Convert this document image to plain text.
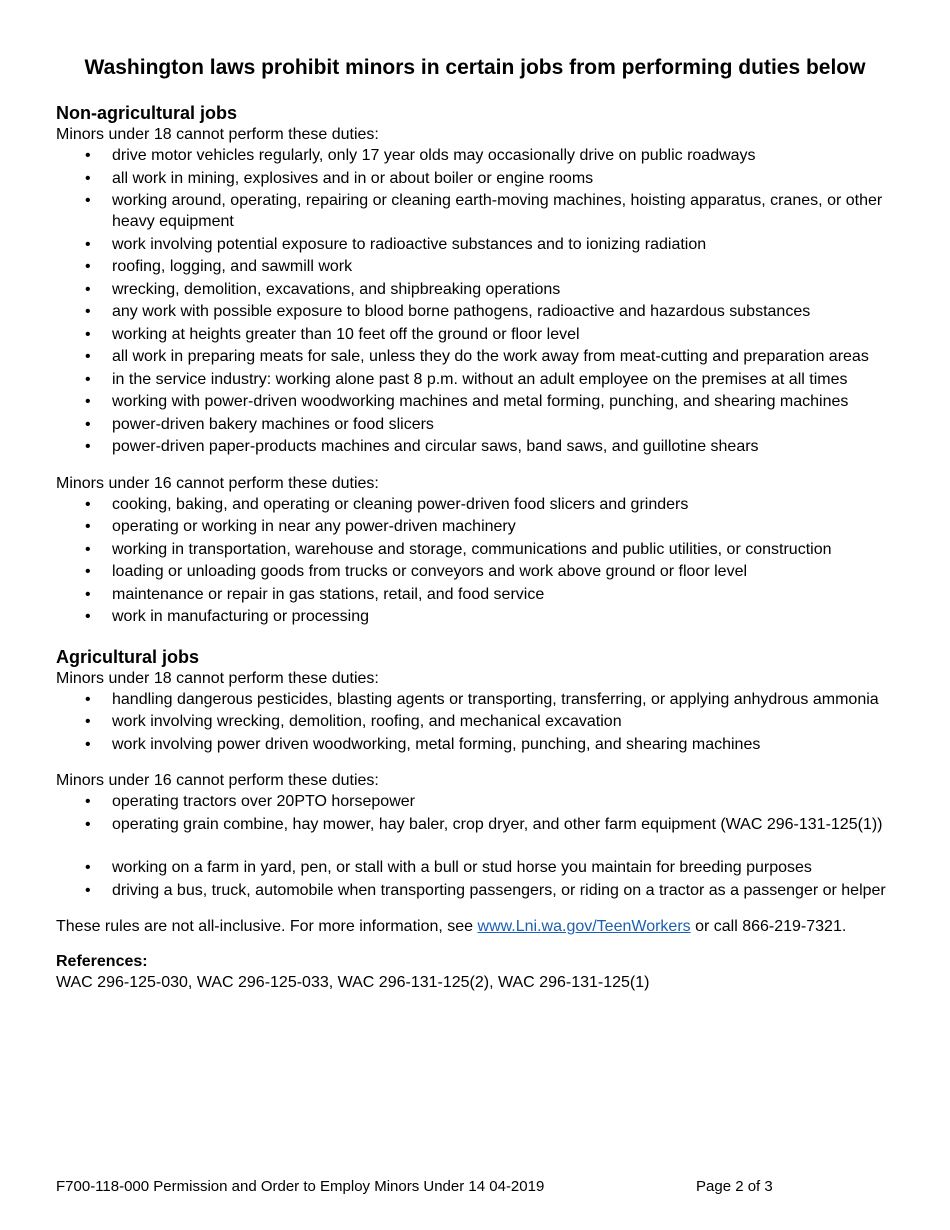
Washington laws prohibit minors in certain jobs from performing duties below
Non-agricultural jobs

Minors under 18 cannot perform these duties:

• drive motor vehicles regularly, only 17 year olds may occasionally drive on public roadways
• all work in mining, explosives and in or about boiler or engine rooms
• working around, operating, repairing or cleaning earth-moving machines, hoisting apparatus, cranes, or other heavy equipment
• work involving potential exposure to radioactive substances and to ionizing radiation
• roofing, logging, and sawmill work
• wrecking, demolition, excavations, and shipbreaking operations
• any work with possible exposure to blood borne pathogens, radioactive and hazardous substances
• working at heights greater than 10 feet off the ground or floor level
• all work in preparing meats for sale, unless they do the work away from meat-cutting and preparation areas
• in the service industry: working alone past 8 p.m. without an adult employee on the premises at all times
• working with power-driven woodworking machines and metal forming, punching, and shearing machines
• power-driven bakery machines or food slicers
• power-driven paper-products machines and circular saws, band saws, and guillotine shears

Minors under 16 cannot perform these duties:

• cooking, baking, and operating or cleaning power-driven food slicers and grinders
• operating or working in near any power-driven machinery
• working in transportation, warehouse and storage, communications and public utilities, or construction
• loading or unloading goods from trucks or conveyors and work above ground or floor level
• maintenance or repair in gas stations, retail, and food service
• work in manufacturing or processing
Agricultural jobs

Minors under 18 cannot perform these duties:

• handling dangerous pesticides, blasting agents or transporting, transferring, or applying anhydrous ammonia
• work involving wrecking, demolition, roofing, and mechanical excavation
• work involving power driven woodworking, metal forming, punching, and shearing machines

Minors under 16 cannot perform these duties:

• operating tractors over 20PTO horsepower
• operating grain combine, hay mower, hay baler, crop dryer, and other farm equipment (WAC 296-131-125(1))
• working on a farm in yard, pen, or stall with a bull or stud horse you maintain for breeding purposes
• driving a bus, truck, automobile when transporting passengers, or riding on a tractor as a passenger or helper

These rules are not all-inclusive. For more information, see www.Lni.wa.gov/TeenWorkers or call 866-219-7321.

References:

WAC 296-125-030, WAC 296-125-033, WAC 296-131-125(2), WAC 296-131-125(1)

F700-118-000 Permission and Order to Employ Minors Under 14 04-2019	Page 2 of 3
